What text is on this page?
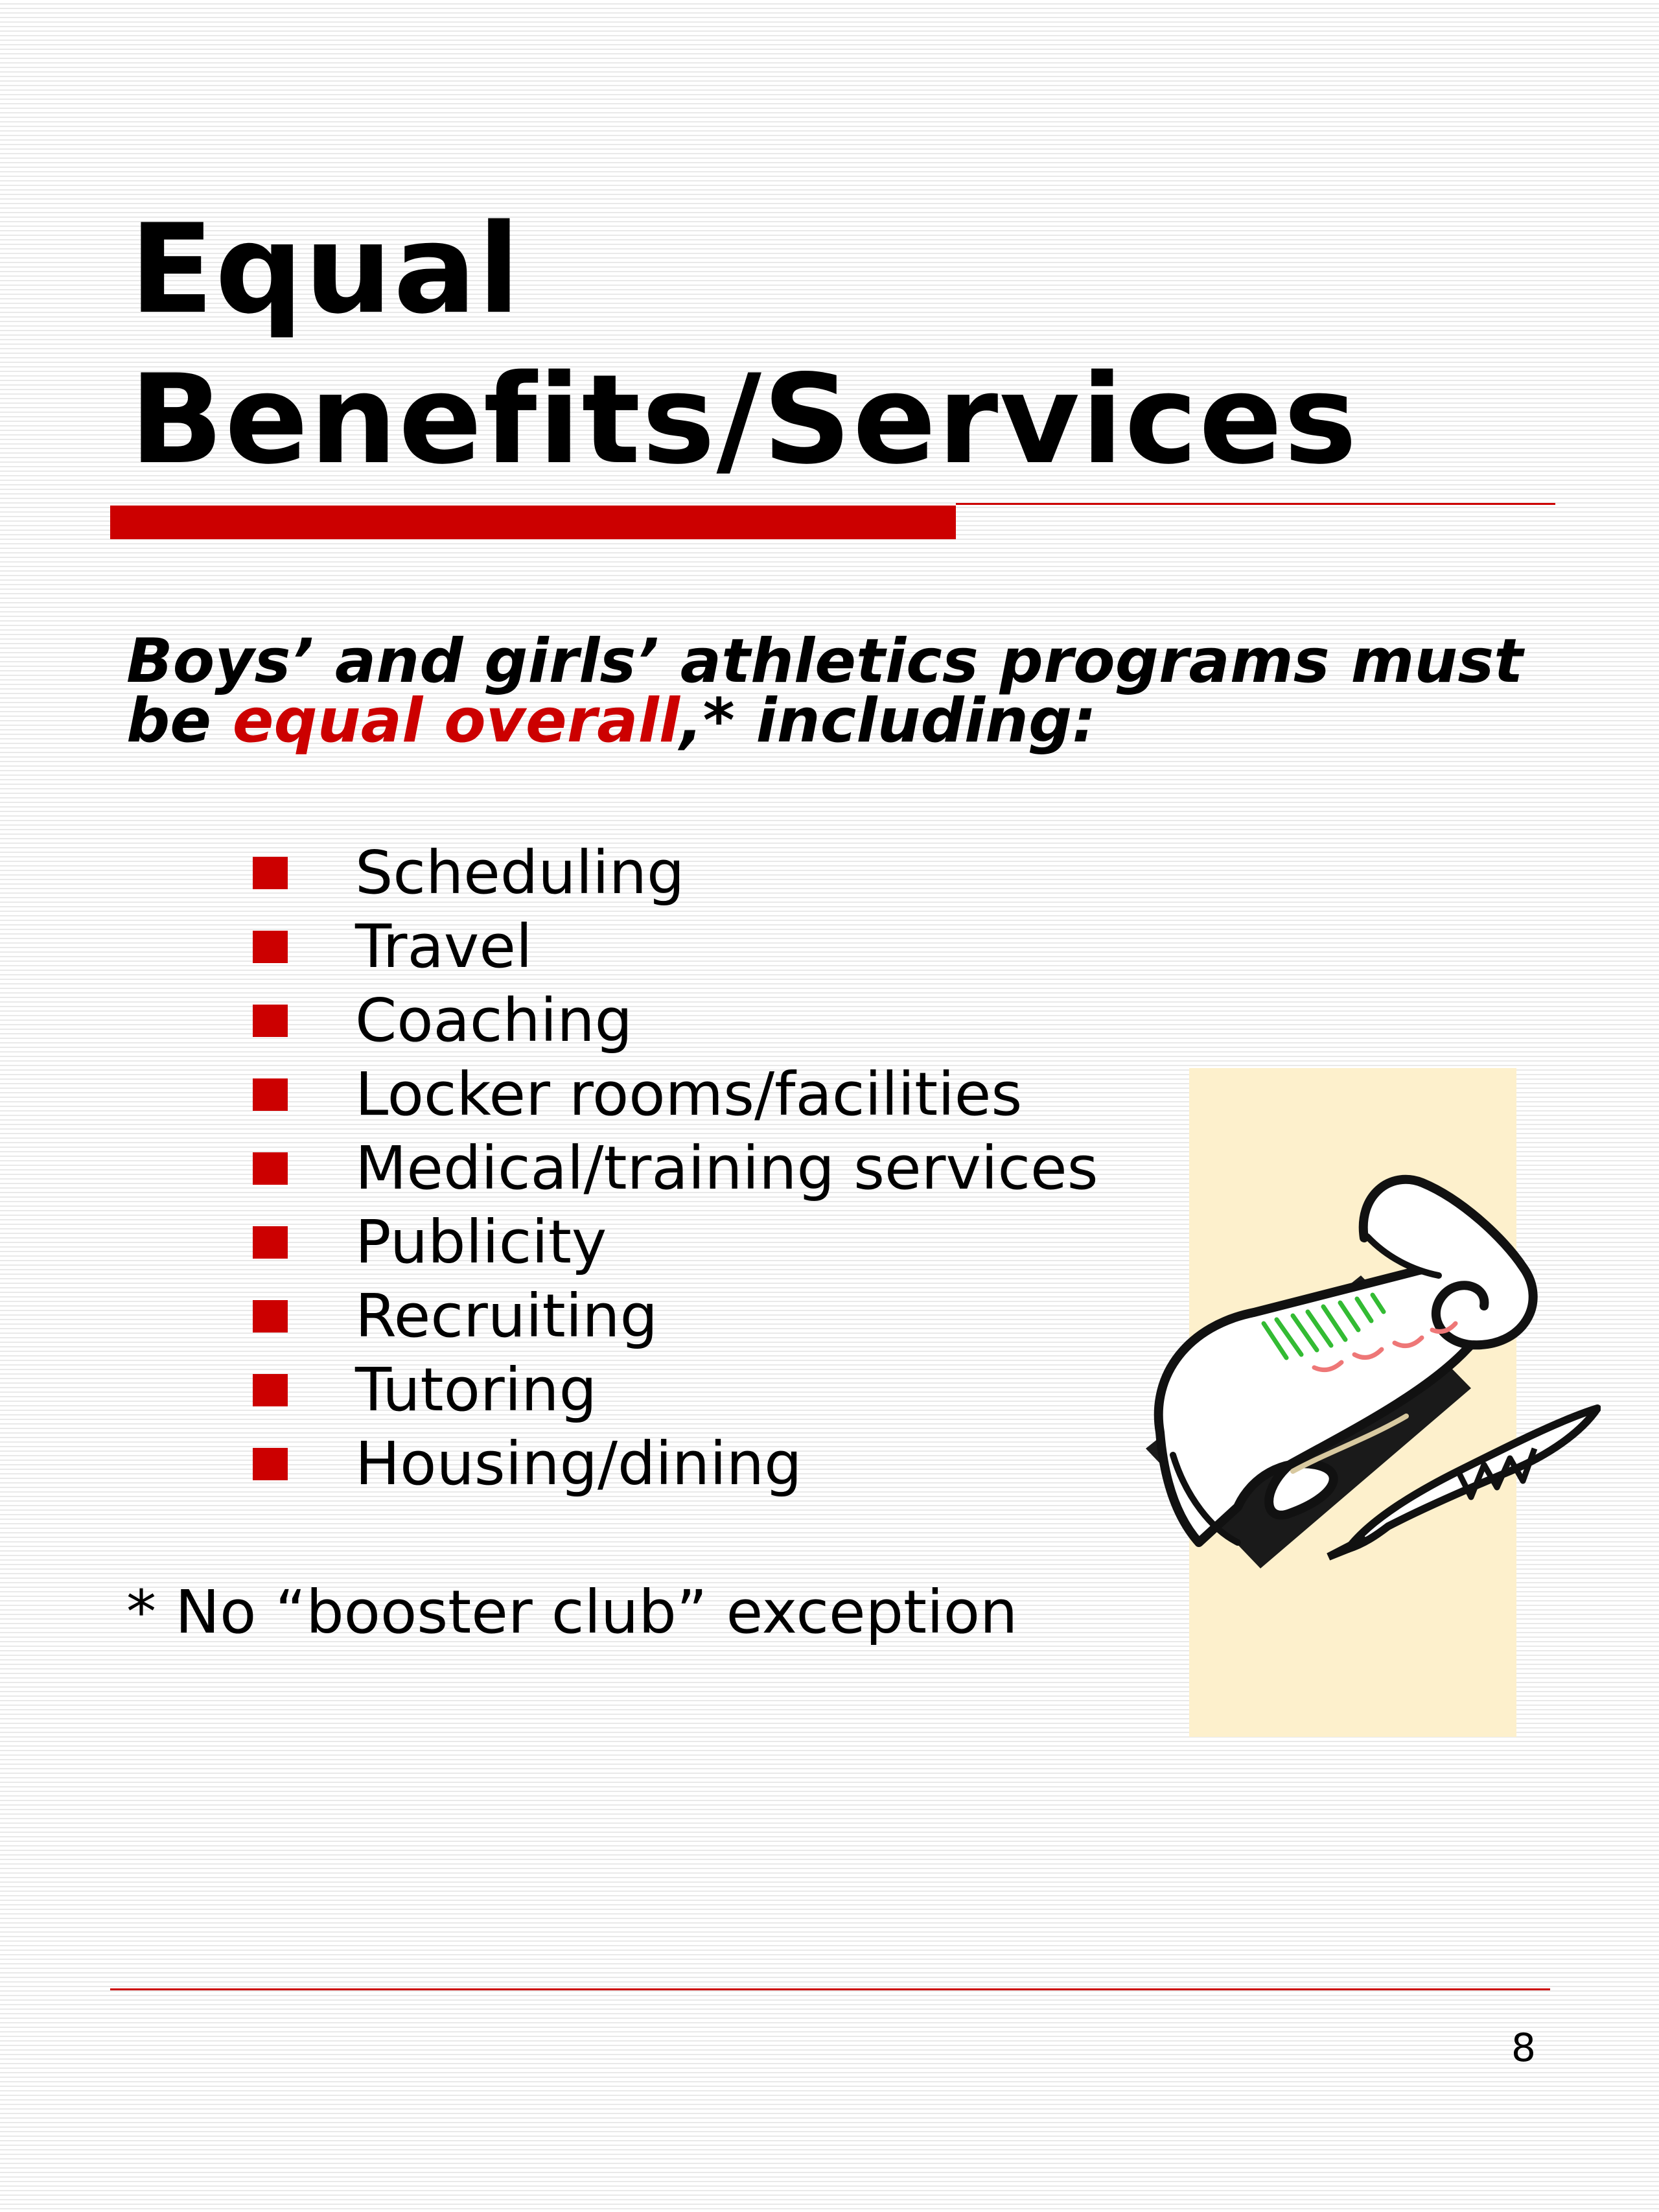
Equal
Benefits/Services

Boys’ and girls’ athletics programs must
be equal overall,* including:

Scheduling
Travel
Coaching
Locker rooms/facilities
Medical/training services
Publicity
Recruiting
Tutoring
Housing/dining

* No “booster club” exception

8
